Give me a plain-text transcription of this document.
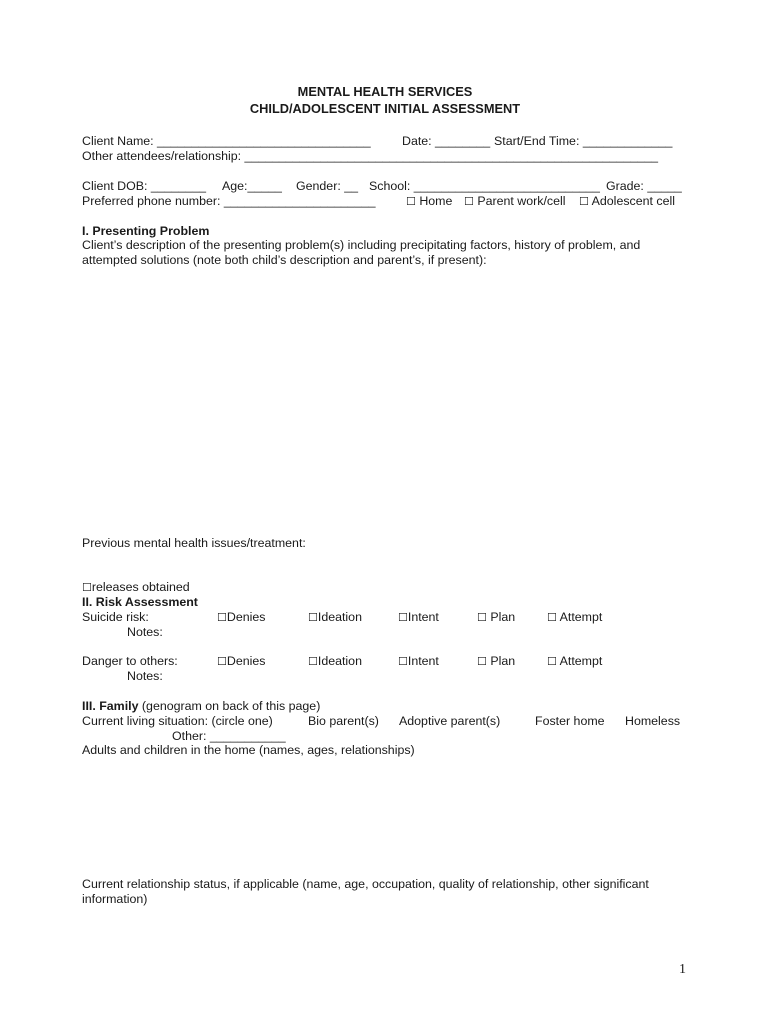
MENTAL HEALTH SERVICES
CHILD/ADOLESCENT INITIAL ASSESSMENT
Client Name: _______________________________	Date: ________ Start/End Time: _____________
Other attendees/relationship: ____________________________________________________________
Client DOB: ________ Age:_____ Gender: __ School: ___________________________ Grade: _____
Preferred phone number: ______________________	☐ Home ☐ Parent work/cell ☐ Adolescent cell
I. Presenting Problem
Client’s description of the presenting problem(s) including precipitating factors, history of problem, and
attempted solutions (note both child’s description and parent’s, if present):
Previous mental health issues/treatment:
☐releases obtained
II. Risk Assessment
Suicide risk:	☐Denies	☐Ideation	☐Intent	☐ Plan	☐ Attempt
Notes:
Danger to others:	☐Denies	☐Ideation	☐Intent	☐ Plan	☐ Attempt
Notes:
III. Family (genogram on back of this page)
Current living situation: (circle one)	Bio parent(s) Adoptive parent(s)	Foster home Homeless
Other: ___________
Adults and children in the home (names, ages, relationships)
Current relationship status, if applicable (name, age, occupation, quality of relationship, other significant
information)
1
